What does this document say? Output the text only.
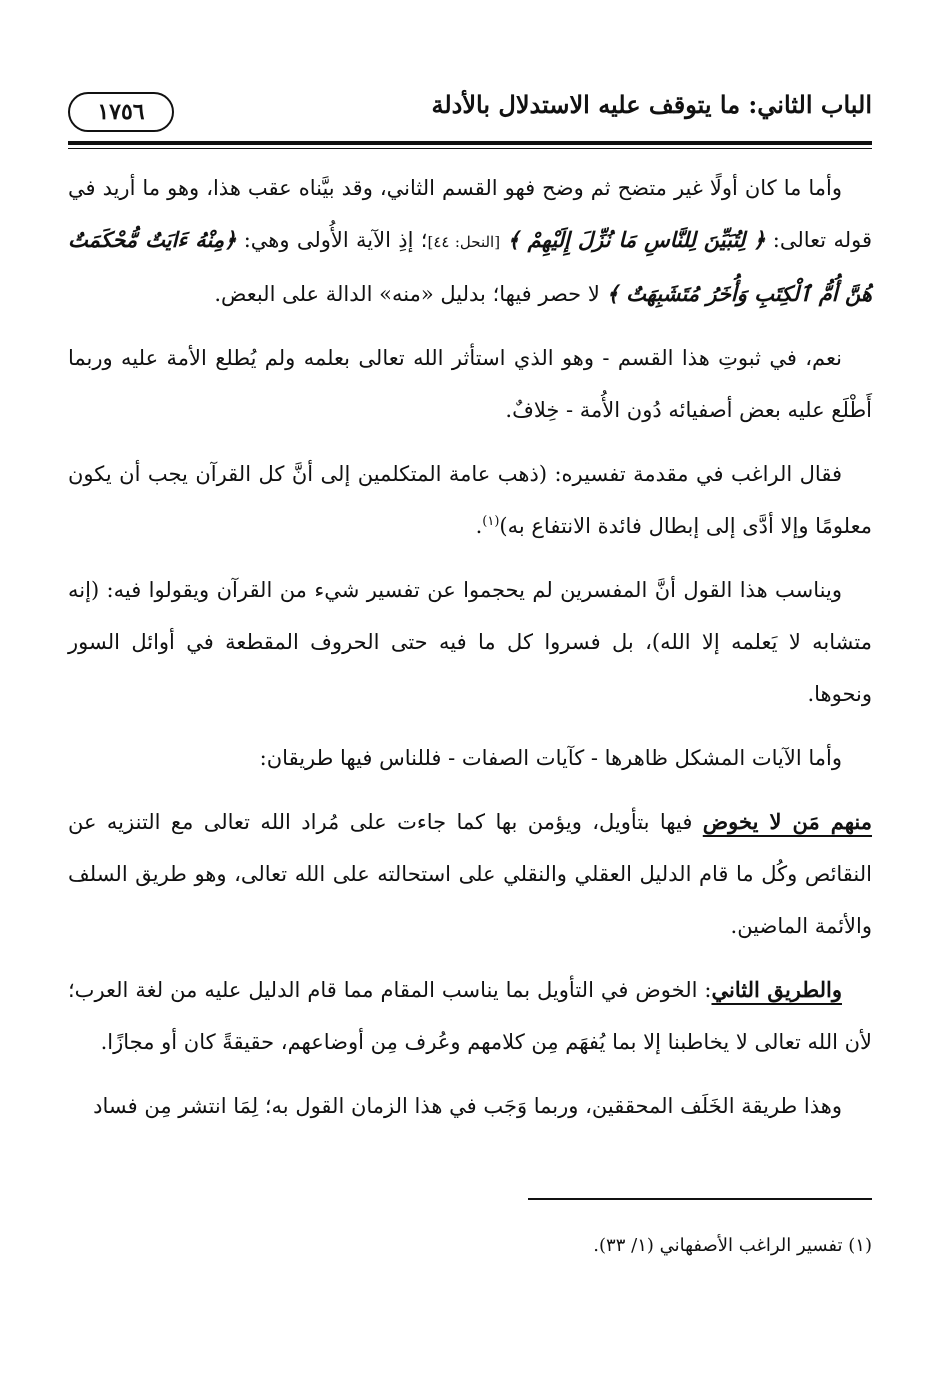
١٧٥٦	الباب الثاني: ما يتوقف عليه الاستدلال بالأدلة

وأما ما كان أولًا غير متضح ثم وضح فهو القسم الثاني، وقد بيَّناه عقب هذا، وهو ما أريد في قوله تعالى: ﴿ لِتُبَيِّنَ لِلنَّاسِ مَا نُزِّلَ إِلَيْهِمْ ﴾ [النحل: ٤٤]؛ إذِ الآية الأُولى وهي: ﴿مِنْهُ ءَايَتٌ مُّحْكَمَتٌ هُنَّ أُمُّ ٱلْكِتَبِ وَأُخَرُ مُتَشَبِهَتٌ ﴾ لا حصر فيها؛ بدليل «منه» الدالة على البعض.

نعم، في ثبوتِ هذا القسم - وهو الذي استأثر الله تعالى بعلمه ولم يُطلع الأمة عليه وربما أَطْلَع عليه بعض أصفيائه دُون الأُمة - خِلافٌ.

فقال الراغب في مقدمة تفسيره: (ذهب عامة المتكلمين إلى أنَّ كل القرآن يجب أن يكون معلومًا وإلا أدَّى إلى إبطال فائدة الانتفاع به)$^{(١)}$.

ويناسب هذا القول أنَّ المفسرين لم يحجموا عن تفسير شيء من القرآن ويقولوا فيه: (إنه متشابه لا يَعلمه إلا الله)، بل فسروا كل ما فيه حتى الحروف المقطعة في أوائل السور ونحوها.

وأما الآيات المشكل ظاهرها - كآيات الصفات - فللناس فيها طريقان:

منهم مَن لا يخوض فيها بتأويل، ويؤمن بها كما جاءت على مُراد الله تعالى مع التنزيه عن النقائص وكُل ما قام الدليل العقلي والنقلي على استحالته على الله تعالى، وهو طريق السلف والأئمة الماضين.

والطريق الثاني: الخوض في التأويل بما يناسب المقام مما قام الدليل عليه من لغة العرب؛ لأن الله تعالى لا يخاطبنا إلا بما يُفهَم مِن كلامهم وعُرف مِن أوضاعهم، حقيقةً كان أو مجازًا.

وهذا طريقة الخَلَف المحققين، وربما وَجَب في هذا الزمان القول به؛ لِمَا انتشر مِن فساد

(١) تفسير الراغب الأصفهاني (١/ ٣٣).
